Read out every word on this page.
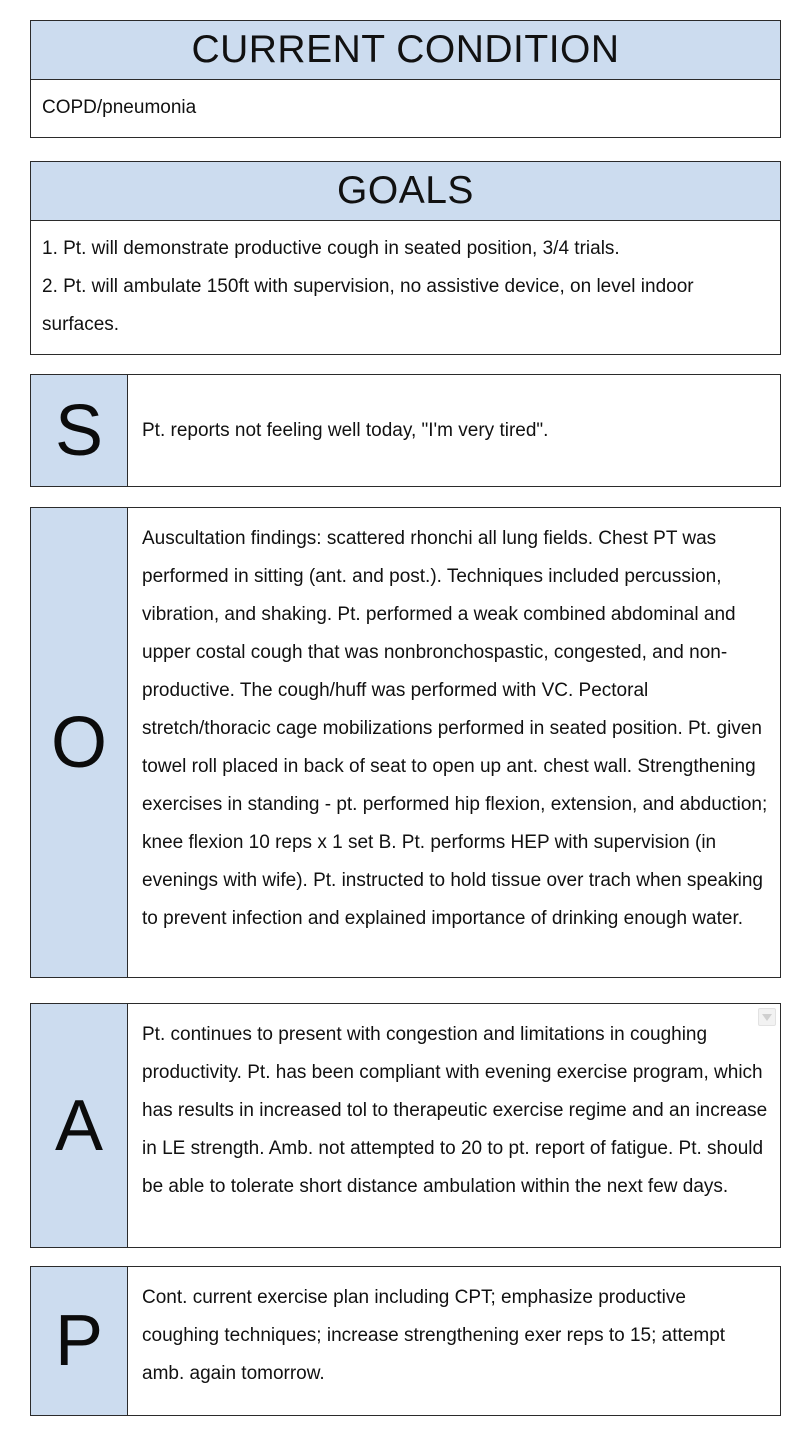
CURRENT CONDITION
COPD/pneumonia
GOALS
1. Pt. will demonstrate productive cough in seated position, 3/4 trials.
2. Pt. will ambulate 150ft with supervision, no assistive device, on level indoor surfaces.
S	Pt. reports not feeling well today, "I'm very tired".

O

Auscultation findings: scattered rhonchi all lung fields. Chest PT was performed in sitting (ant. and post.). Techniques included percussion, vibration, and shaking. Pt. performed a weak combined abdominal and upper costal cough that was nonbronchospastic, congested, and non-productive. The cough/huff was performed with VC. Pectoral stretch/thoracic cage mobilizations performed in seated position. Pt. given towel roll placed in back of seat to open up ant. chest wall. Strengthening exercises in standing - pt. performed hip flexion, extension, and abduction; knee flexion 10 reps x 1 set B. Pt. performs HEP with supervision (in evenings with wife). Pt. instructed to hold tissue over trach when speaking to prevent infection and explained importance of drinking enough water.

A

Pt. continues to present with congestion and limitations in coughing productivity. Pt. has been compliant with evening exercise program, which has results in increased tol to therapeutic exercise regime and an increase in LE strength. Amb. not attempted to 20 to pt. report of fatigue. Pt. should be able to tolerate short distance ambulation within the next few days.

P

Cont. current exercise plan including CPT; emphasize productive coughing techniques; increase strengthening exer reps to 15; attempt amb. again tomorrow.
